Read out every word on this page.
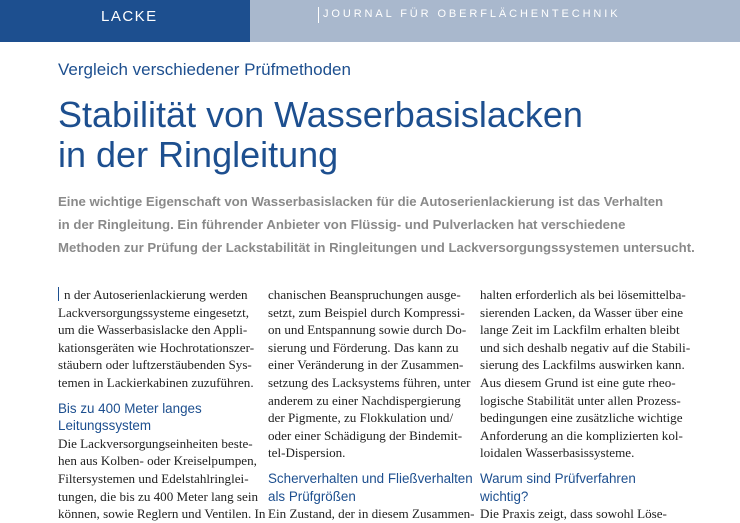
LACKE	JOURNAL FÜR OBERFLÄCHENTECHNIK
Vergleich verschiedener Prüfmethoden
Stabilität von Wasserbasislacken
in der Ringleitung
Eine wichtige Eigenschaft von Wasserbasislacken für die Autoserienlackierung ist das Verhalten
in der Ringleitung. Ein führender Anbieter von Flüssig- und Pulverlacken hat verschiedene
Methoden zur Prüfung der Lackstabilität in Ringleitungen und Lackversorgungssystemen untersucht.
n der Autoserienlackierung werden
Lackversorgungssysteme eingesetzt,
um die Wasserbasislacke den Appli-
kationsgeräten wie Hochrotationszer-
stäubern oder luftzerstäubenden Sys-
temen in Lackierkabinen zuzuführen.
Bis zu 400 Meter langes
Leitungssystem
Die Lackversorgungseinheiten beste-
hen aus Kolben- oder Kreiselpumpen,
Filtersystemen und Edelstahlringlei-
tungen, die bis zu 400 Meter lang sein
können, sowie Reglern und Ventilen. In
chanischen Beanspruchungen ausge-
setzt, zum Beispiel durch Kompressi-
on und Entspannung sowie durch Do-
sierung und Förderung. Das kann zu
einer Veränderung in der Zusammen-
setzung des Lacksystems führen, unter
anderem zu einer Nachdispergierung
der Pigmente, zu Flokkulation und/
oder einer Schädigung der Bindemit-
tel-Dispersion.
Scherverhalten und Fließverhalten
als Prüfgrößen
Ein Zustand, der in diesem Zusammen-
halten erforderlich als bei lösemittelba-
sierenden Lacken, da Wasser über eine
lange Zeit im Lackfilm erhalten bleibt
und sich deshalb negativ auf die Stabili-
sierung des Lackfilms auswirken kann.
Aus diesem Grund ist eine gute rheo-
logische Stabilität unter allen Prozess-
bedingungen eine zusätzliche wichtige
Anforderung an die komplizierten kol-
loidalen Wasserbasissysteme.
Warum sind Prüfverfahren
wichtig?
Die Praxis zeigt, dass sowohl Löse-
